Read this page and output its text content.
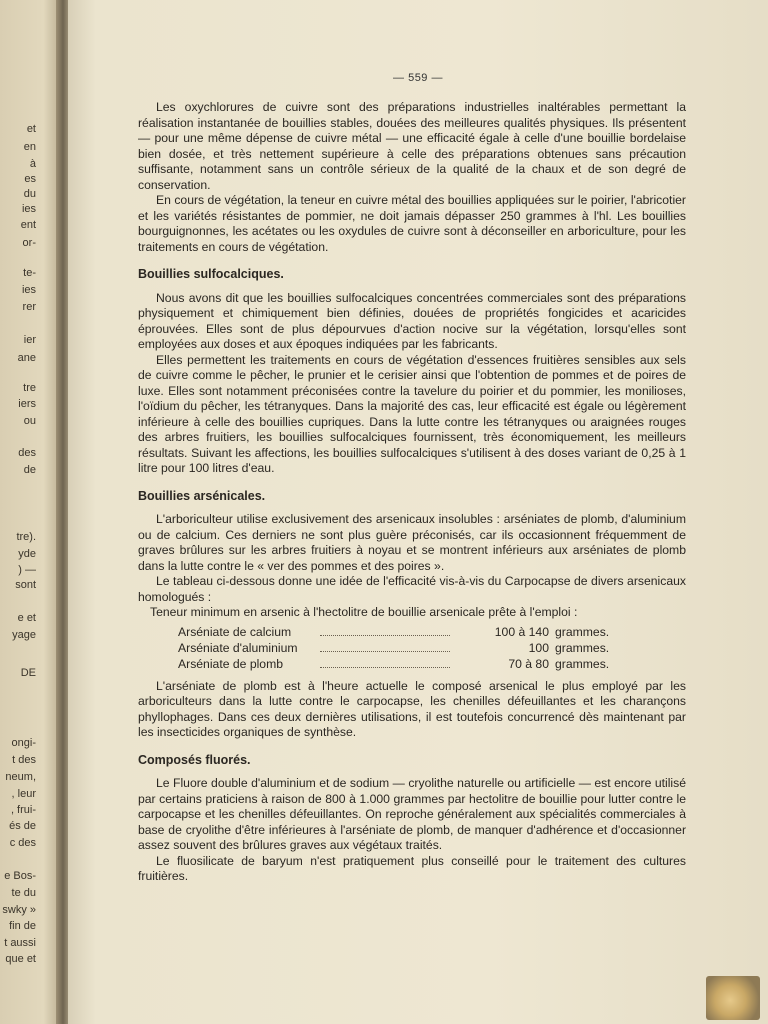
et
en
à
es
du
ies
ent
or-
te-
ies
rer
ier
ane
tre
iers
ou
des
de
tre).
yde
) —
sont
e et
yage
DE
ongi-
t des
neum,
, leur
, frui-
és de
c des
e Bos-
te du
swky »
fin de
t aussi
que et
— 559 —

Les oxychlorures de cuivre sont des préparations industrielles inaltérables permettant la réalisation instantanée de bouillies stables, douées des meilleures qualités physiques. Ils présentent — pour une même dépense de cuivre métal — une efficacité égale à celle d'une bouillie bordelaise bien dosée, et très nettement supérieure à celle des préparations obtenues sans précaution suffisante, notamment sans un contrôle sérieux de la qualité de la chaux et de son degré de conservation.

En cours de végétation, la teneur en cuivre métal des bouillies appliquées sur le poirier, l'abricotier et les variétés résistantes de pommier, ne doit jamais dépasser 250 grammes à l'hl. Les bouillies bourguignonnes, les acétates ou les oxydules de cuivre sont à déconseiller en arboriculture, pour les traitements en cours de végétation.

Bouillies sulfocalciques.

Nous avons dit que les bouillies sulfocalciques concentrées commerciales sont des préparations physiquement et chimiquement bien définies, douées de propriétés fongicides et acaricides éprouvées. Elles sont de plus dépourvues d'action nocive sur la végétation, lorsqu'elles sont employées aux doses et aux époques indiquées par les fabricants.

Elles permettent les traitements en cours de végétation d'essences fruitières sensibles aux sels de cuivre comme le pêcher, le prunier et le cerisier ainsi que l'obtention de pommes et de poires de luxe. Elles sont notamment préconisées contre la tavelure du poirier et du pommier, les monilioses, l'oïdium du pêcher, les tétranyques. Dans la majorité des cas, leur efficacité est égale ou légèrement inférieure à celle des bouillies cupriques. Dans la lutte contre les tétranyques ou araignées rouges des arbres fruitiers, les bouillies sulfocalciques fournissent, très économiquement, les meilleurs résultats. Suivant les affections, les bouillies sulfocalciques s'utilisent à des doses variant de 0,25 à 1 litre pour 100 litres d'eau.

Bouillies arsénicales.

L'arboriculteur utilise exclusivement des arsenicaux insolubles : arséniates de plomb, d'aluminium ou de calcium. Ces derniers ne sont plus guère préconisés, car ils occasionnent fréquemment de graves brûlures sur les arbres fruitiers à noyau et se montrent inférieurs aux arséniates de plomb dans la lutte contre le « ver des pommes et des poires ».

Le tableau ci-dessous donne une idée de l'efficacité vis-à-vis du Carpocapse de divers arsenicaux homologués :

Teneur minimum en arsenic à l'hectolitre de bouillie arsenicale prête à l'emploi :

Arséniate de calcium	100 à 140 grammes.
Arséniate d'aluminium	100 grammes.
Arséniate de plomb	70 à 80 grammes.

L'arséniate de plomb est à l'heure actuelle le composé arsenical le plus employé par les arboriculteurs dans la lutte contre le carpocapse, les chenilles défeuillantes et les charançons phyllophages. Dans ces deux dernières utilisations, il est toutefois concurrencé dès maintenant par les insecticides organiques de synthèse.

Composés fluorés.

Le Fluore double d'aluminium et de sodium — cryolithe naturelle ou artificielle — est encore utilisé par certains praticiens à raison de 800 à 1.000 grammes par hectolitre de bouillie pour lutter contre le carpocapse et les chenilles défeuillantes. On reproche généralement aux spécialités commerciales à base de cryolithe d'être inférieures à l'arséniate de plomb, de manquer d'adhérence et d'occasionner assez souvent des brûlures graves aux végétaux traités.

Le fluosilicate de baryum n'est pratiquement plus conseillé pour le traitement des cultures fruitières.
